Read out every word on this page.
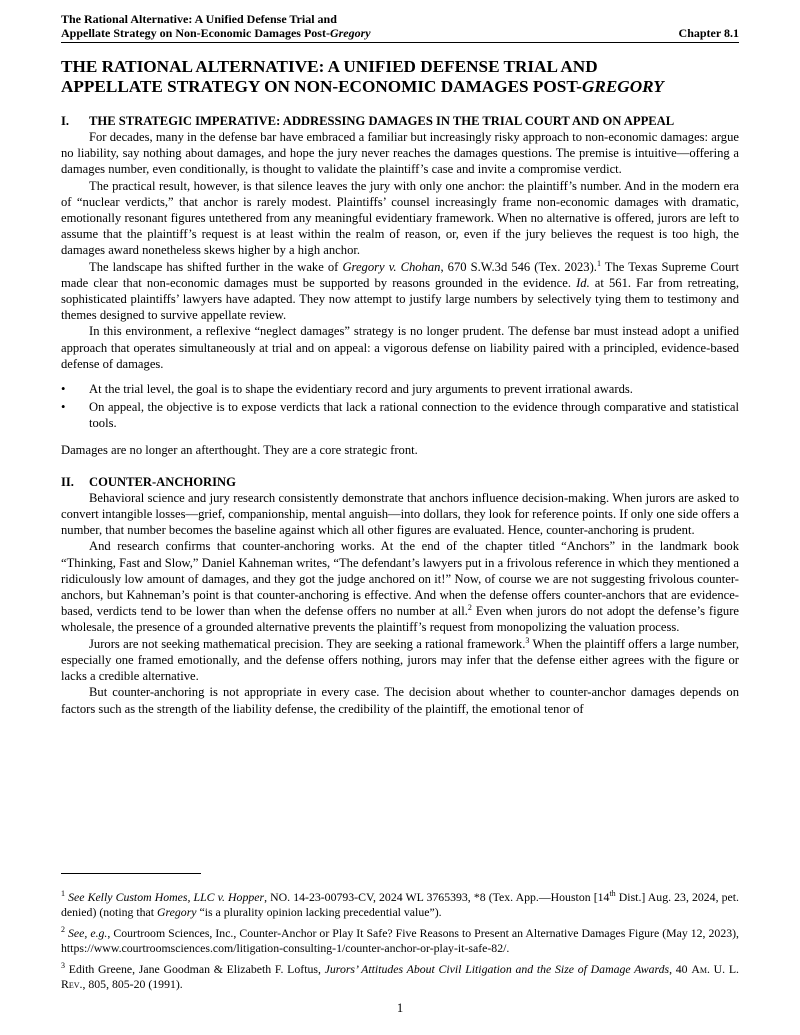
The Rational Alternative: A Unified Defense Trial and
Appellate Strategy on Non-Economic Damages Post-Gregory	Chapter 8.1
THE RATIONAL ALTERNATIVE: A UNIFIED DEFENSE TRIAL AND
APPELLATE STRATEGY ON NON-ECONOMIC DAMAGES POST-GREGORY
I.	THE STRATEGIC IMPERATIVE: ADDRESSING DAMAGES IN THE TRIAL COURT AND ON APPEAL

For decades, many in the defense bar have embraced a familiar but increasingly risky approach to non-economic damages: argue no liability, say nothing about damages, and hope the jury never reaches the damages questions. The premise is intuitive—offering a damages number, even conditionally, is thought to validate the plaintiff’s case and invite a compromise verdict.

The practical result, however, is that silence leaves the jury with only one anchor: the plaintiff’s number. And in the modern era of “nuclear verdicts,” that anchor is rarely modest. Plaintiffs’ counsel increasingly frame non-economic damages with dramatic, emotionally resonant figures untethered from any meaningful evidentiary framework. When no alternative is offered, jurors are left to assume that the plaintiff’s request is at least within the realm of reason, or, even if the jury believes the request is too high, the damages award nonetheless skews higher by a high anchor.

The landscape has shifted further in the wake of Gregory v. Chohan, 670 S.W.3d 546 (Tex. 2023).$^1$ The Texas Supreme Court made clear that non-economic damages must be supported by reasons grounded in the evidence. Id. at 561. Far from retreating, sophisticated plaintiffs’ lawyers have adapted. They now attempt to justify large numbers by selectively tying them to testimony and themes designed to survive appellate review.

In this environment, a reflexive “neglect damages” strategy is no longer prudent. The defense bar must instead adopt a unified approach that operates simultaneously at trial and on appeal: a vigorous defense on liability paired with a principled, evidence-based defense of damages.

•	At the trial level, the goal is to shape the evidentiary record and jury arguments to prevent irrational awards.
•	On appeal, the objective is to expose verdicts that lack a rational connection to the evidence through comparative and statistical tools.

Damages are no longer an afterthought. They are a core strategic front.

II.	COUNTER-ANCHORING

Behavioral science and jury research consistently demonstrate that anchors influence decision-making. When jurors are asked to convert intangible losses—grief, companionship, mental anguish—into dollars, they look for reference points. If only one side offers a number, that number becomes the baseline against which all other figures are evaluated. Hence, counter-anchoring is prudent.

And research confirms that counter-anchoring works. At the end of the chapter titled “Anchors” in the landmark book “Thinking, Fast and Slow,” Daniel Kahneman writes, “The defendant’s lawyers put in a frivolous reference in which they mentioned a ridiculously low amount of damages, and they got the judge anchored on it!” Now, of course we are not suggesting frivolous counter-anchors, but Kahneman’s point is that counter-anchoring is effective. And when the defense offers counter-anchors that are evidence-based, verdicts tend to be lower than when the defense offers no number at all.$^2$ Even when jurors do not adopt the defense’s figure wholesale, the presence of a grounded alternative prevents the plaintiff’s request from monopolizing the valuation process.

Jurors are not seeking mathematical precision. They are seeking a rational framework.$^3$ When the plaintiff offers a large number, especially one framed emotionally, and the defense offers nothing, jurors may infer that the defense either agrees with the figure or lacks a credible alternative.

But counter-anchoring is not appropriate in every case. The decision about whether to counter-anchor damages depends on factors such as the strength of the liability defense, the credibility of the plaintiff, the emotional tenor of

$^1$ See Kelly Custom Homes, LLC v. Hopper, NO. 14-23-00793-CV, 2024 WL 3765393, *8 (Tex. App.—Houston [14th Dist.] Aug. 23, 2024, pet. denied) (noting that Gregory “is a plurality opinion lacking precedential value”).

$^2$ See, e.g., Courtroom Sciences, Inc., Counter-Anchor or Play It Safe? Five Reasons to Present an Alternative Damages Figure (May 12, 2023), https://www.courtroomsciences.com/litigation-consulting-1/counter-anchor-or-play-it-safe-82/.

$^3$ Edith Greene, Jane Goodman & Elizabeth F. Loftus, Jurors’ Attitudes About Civil Litigation and the Size of Damage Awards, 40 Am. U. L. Rev., 805, 805-20 (1991).

1
